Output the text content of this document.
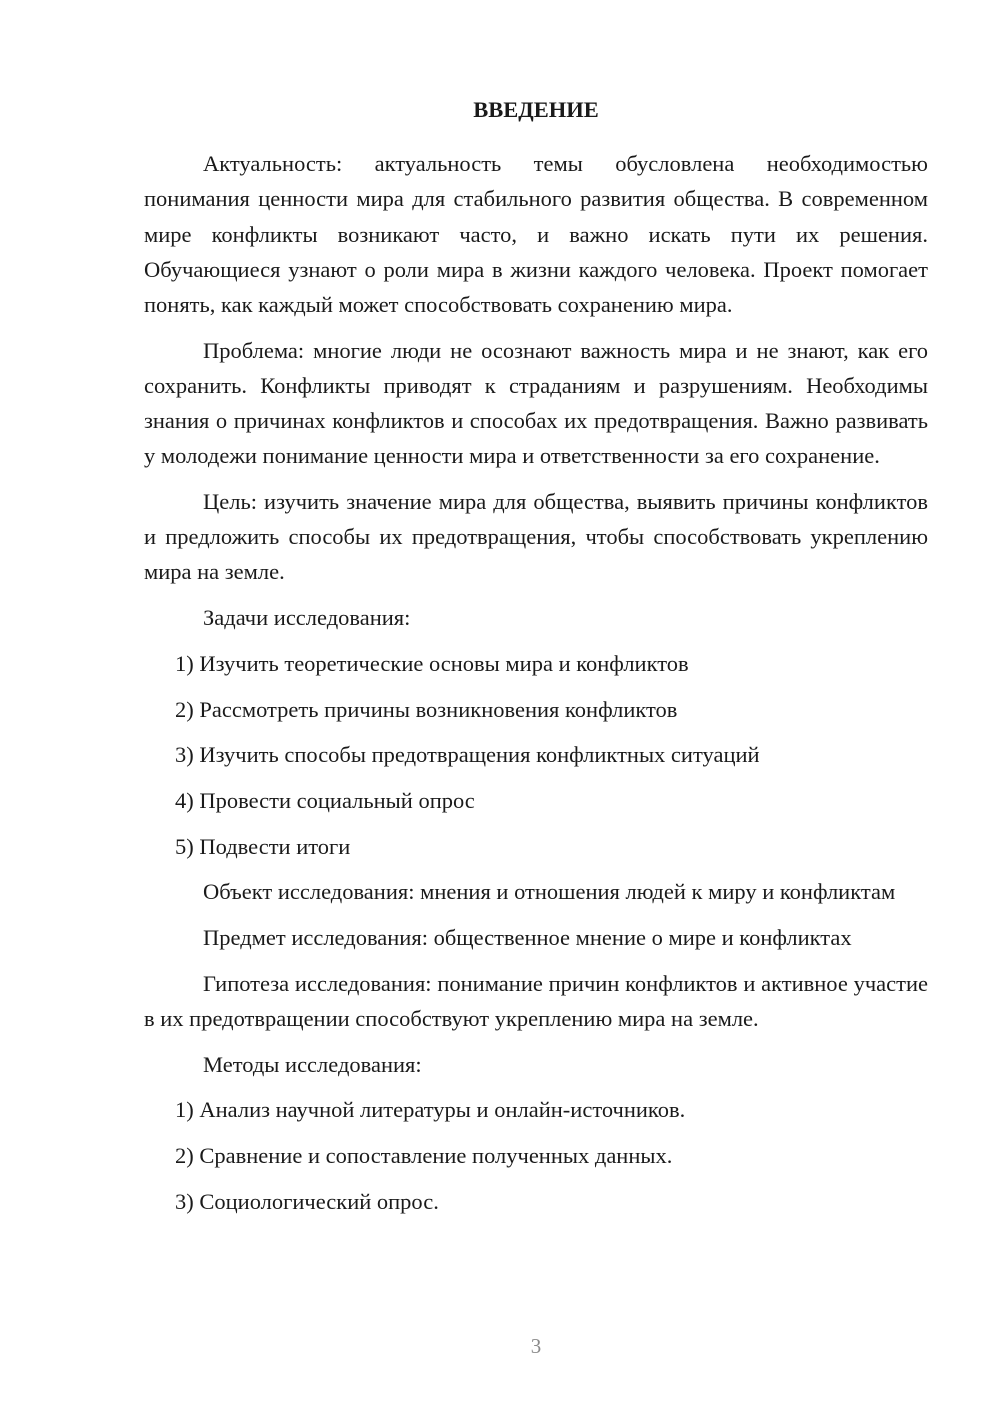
ВВЕДЕНИЕ

Актуальность: актуальность темы обусловлена необходимостью понимания ценности мира для стабильного развития общества. В современном мире конфликты возникают часто, и важно искать пути их решения. Обучающиеся узнают о роли мира в жизни каждого человека. Проект помогает понять, как каждый может способствовать сохранению мира.

Проблема: многие люди не осознают важность мира и не знают, как его сохранить. Конфликты приводят к страданиям и разрушениям. Необходимы знания о причинах конфликтов и способах их предотвращения. Важно развивать у молодежи понимание ценности мира и ответственности за его сохранение.

Цель: изучить значение мира для общества, выявить причины конфликтов и предложить способы их предотвращения, чтобы способствовать укреплению мира на земле.

Задачи исследования:

1) Изучить теоретические основы мира и конфликтов

2) Рассмотреть причины возникновения конфликтов

3) Изучить способы предотвращения конфликтных ситуаций

4) Провести социальный опрос

5) Подвести итоги

Объект исследования: мнения и отношения людей к миру и конфликтам

Предмет исследования: общественное мнение о мире и конфликтах

Гипотеза исследования: понимание причин конфликтов и активное участие в их предотвращении способствуют укреплению мира на земле.

Методы исследования:

1) Анализ научной литературы и онлайн-источников.

2) Сравнение и сопоставление полученных данных.

3) Социологический опрос.

3
